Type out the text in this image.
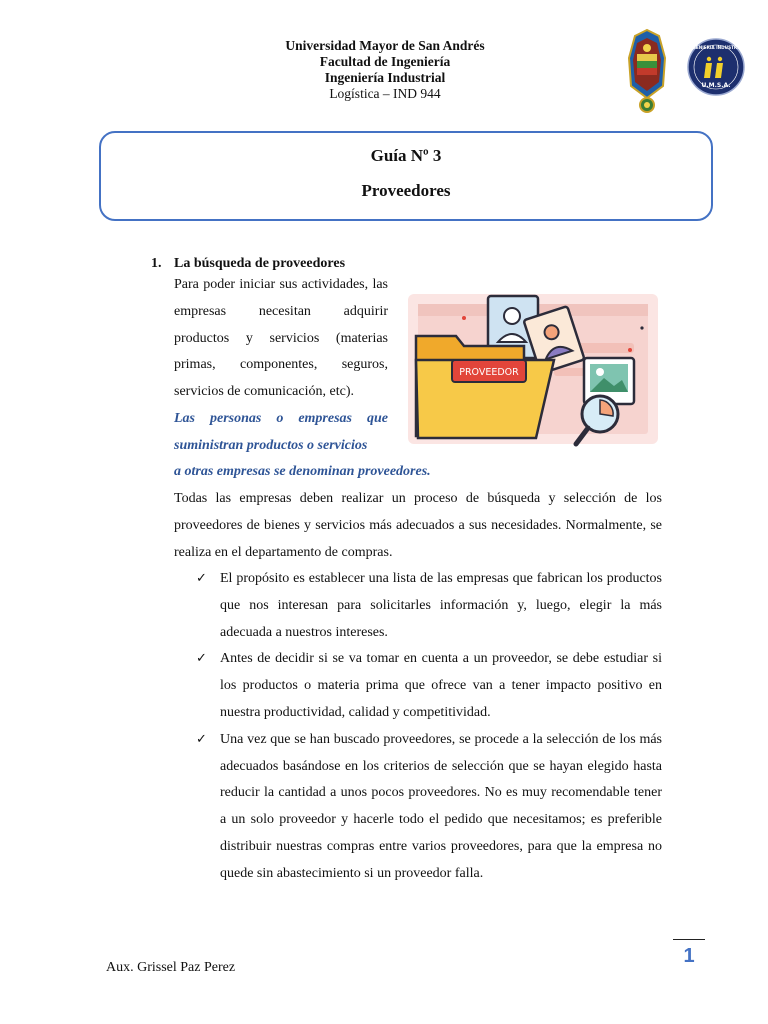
Universidad Mayor de San Andrés
Facultad de Ingeniería
Ingeniería Industrial
Logística – IND 944
INGENIERIA INDUSTRIAL
U.M.S.A.
Guía Nº 3
Proveedores
1. La búsqueda de proveedores

Para poder iniciar sus actividades, las empresas necesitan adquirir productos y servicios (materias primas, componentes, seguros, servicios de comunicación, etc).

Las personas o empresas que suministran productos o servicios

a otras empresas se denominan proveedores.
PROVEEDOR

Todas las empresas deben realizar un proceso de búsqueda y selección de los proveedores de bienes y servicios más adecuados a sus necesidades. Normalmente, se realiza en el departamento de compras.

✓ El propósito es establecer una lista de las empresas que fabrican los productos que nos interesan para solicitarles información y, luego, elegir la más adecuada a nuestros intereses.
✓ Antes de decidir si se va tomar en cuenta a un proveedor, se debe estudiar si los productos o materia prima que ofrece van a tener impacto positivo en nuestra productividad, calidad y competitividad.
✓ Una vez que se han buscado proveedores, se procede a la selección de los más adecuados basándose en los criterios de selección que se hayan elegido hasta reducir la cantidad a unos pocos proveedores. No es muy recomendable tener a un solo proveedor y hacerle todo el pedido que necesitamos; es preferible distribuir nuestras compras entre varios proveedores, para que la empresa no quede sin abastecimiento si un proveedor falla.
Aux. Grissel Paz Perez
1
